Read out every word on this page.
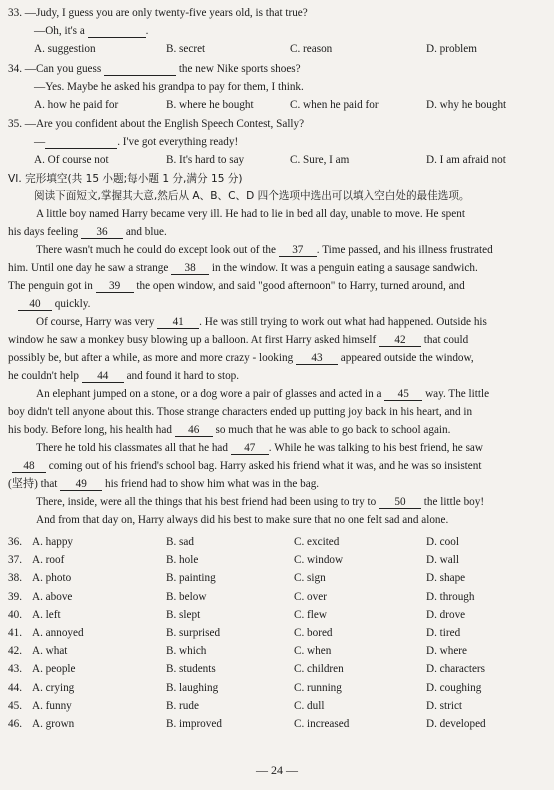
33. —Judy, I guess you are only twenty-five years old, is that true?
—Oh, it's a	.
A. suggestion	B. secret	C. reason	D. problem
34. —Can you guess	the new Nike sports shoes?
—Yes. Maybe he asked his grandpa to pay for them, I think.
A. how he paid for	B. where he bought	C. when he paid for	D. why he bought
35. —Are you confident about the English Speech Contest, Sally?
—	. I've got everything ready!
A. Of course not	B. It's hard to say	C. Sure, I am	D. I am afraid not
VI. 完形填空(共 15 小题;每小题 1 分,满分 15 分)
阅读下面短文,掌握其大意,然后从 A、B、C、D 四个选项中选出可以填入空白处的最佳选项。
A little boy named Harry became very ill. He had to lie in bed all day, unable to move. He spent
his days feeling 36 and blue.
There wasn't much he could do except look out of the 37 . Time passed, and his illness frustrated
him. Until one day he saw a strange 38 in the window. It was a penguin eating a sausage sandwich.
The penguin got in 39 the open window, and said "good afternoon" to Harry, turned around, and
40 quickly.
Of course, Harry was very 41 . He was still trying to work out what had happened. Outside his
window he saw a monkey busy blowing up a balloon. At first Harry asked himself 42 that could
possibly be, but after a while, as more and more crazy - looking 43 appeared outside the window,
he couldn't help 44 and found it hard to stop.
An elephant jumped on a stone, or a dog wore a pair of glasses and acted in a 45 way. The little
boy didn't tell anyone about this. Those strange characters ended up putting joy back in his heart, and in
his body. Before long, his health had 46 so much that he was able to go back to school again.
There he told his classmates all that he had 47 . While he was talking to his best friend, he saw
48 coming out of his friend's school bag. Harry asked his friend what it was, and he was so insistent
(坚持) that 49 his friend had to show him what was in the bag.
There, inside, were all the things that his best friend had been using to try to 50 the little boy!
And from that day on, Harry always did his best to make sure that no one felt sad and alone.
36. A. happy	B. sad	C. excited	D. cool
37. A. roof	B. hole	C. window	D. wall
38. A. photo	B. painting	C. sign	D. shape
39. A. above	B. below	C. over	D. through
40. A. left	B. slept	C. flew	D. drove
41. A. annoyed	B. surprised	C. bored	D. tired
42. A. what	B. which	C. when	D. where
43. A. people	B. students	C. children	D. characters
44. A. crying	B. laughing	C. running	D. coughing
45. A. funny	B. rude	C. dull	D. strict
46. A. grown	B. improved	C. increased	D. developed
— 24 —
